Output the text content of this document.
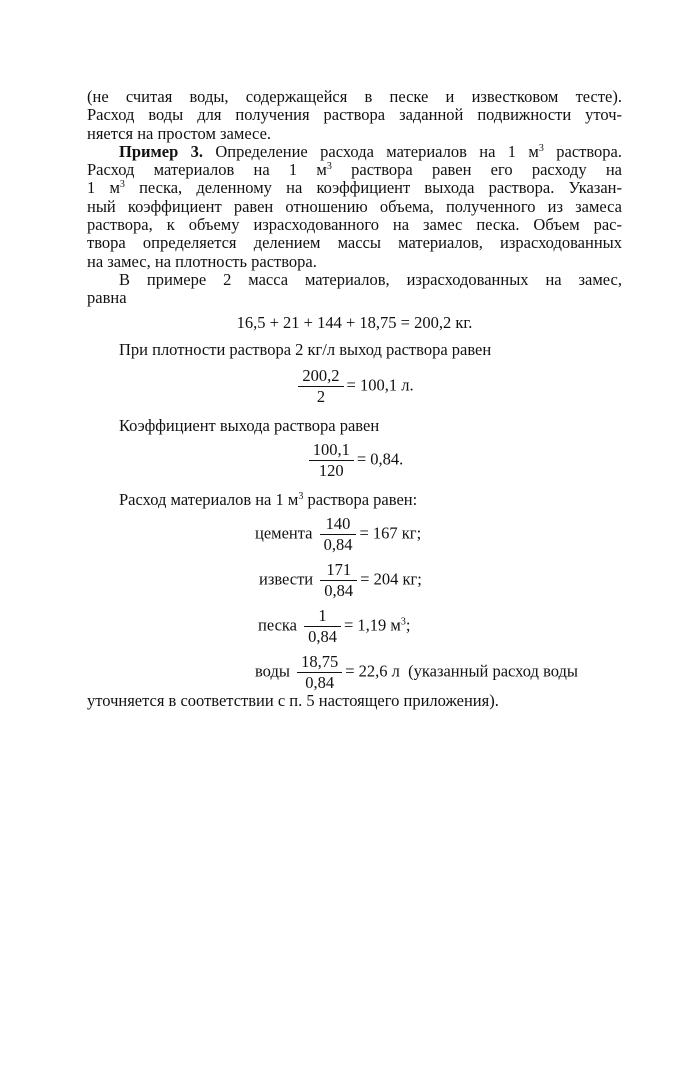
(не считая воды, содержащейся в песке и известковом тесте).

Расход воды для получения раствора заданной подвижности уточ-

няется на простом замесе.

Пример 3. Определение расхода материалов на 1 $м^3$ раствора.

Расход материалов на 1 $м^3$ раствора равен его расходу на

1 $м^3$ песка, деленному на коэффициент выхода раствора. Указан-

ный коэффициент равен отношению объема, полученного из замеса

раствора, к объему израсходованного на замес песка. Объем рас-

твора определяется делением массы материалов, израсходованных

на замес, на плотность раствора.

В примере 2 масса материалов, израсходованных на замес,

равна

16,5 + 21 + 144 + 18,75 = 200,2 кг.

При плотности раствора 2 кг/л выход раствора равен

$\frac{200,2}{2} = 100,1$ л.

Коэффициент выхода раствора равен

$\frac{100,1}{120} = 0,84$.

Расход материалов на 1 $м^3$ раствора равен:

цемента $\frac{140}{0,84} = 167$ кг;
извести $\frac{171}{0,84} = 204$ кг;
песка $\frac{1}{0,84} = 1,19$ $м^3$;
воды $\frac{18,75}{0,84} = 22,6$ л (указанный расход воды

уточняется в соответствии с п. 5 настоящего приложения).
